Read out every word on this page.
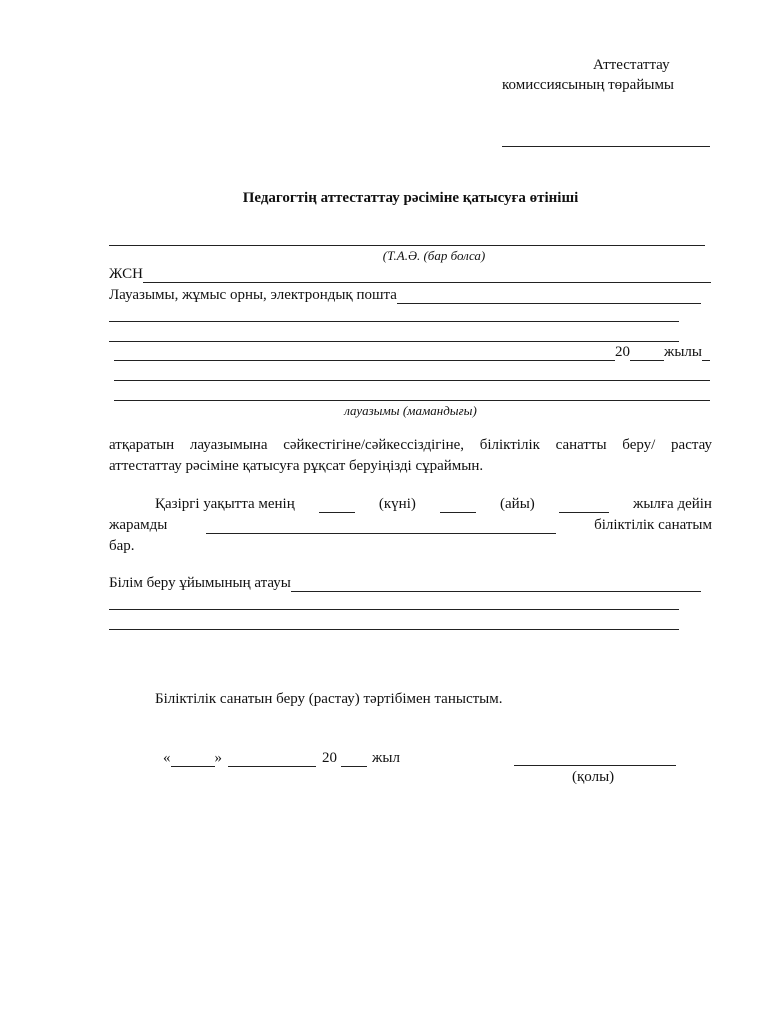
Аттестаттау
комиссиясының төрайымы
Педагогтің аттестаттау рәсіміне қатысуға өтініші
(Т.А.Ә. (бар болса)
ЖСН
Лауазымы, жұмыс орны, электрондық пошта
20 жылы
лауазымы (мамандығы)
атқаратын лауазымына сәйкестігіне/сәйкессіздігіне, біліктілік санатты беру/ растау аттестаттау рәсіміне қатысуға рұқсат беруіңізді сұраймын.
Қазіргі уақытта менің	(күні)	(айы)	жылға дейін
жарамды	біліктілік санатым
бар.
Білім беру ұйымының атауы
Біліктілік санатын беру (растау) тәртібімен таныстым.
«	»	20 жыл
(қолы)
